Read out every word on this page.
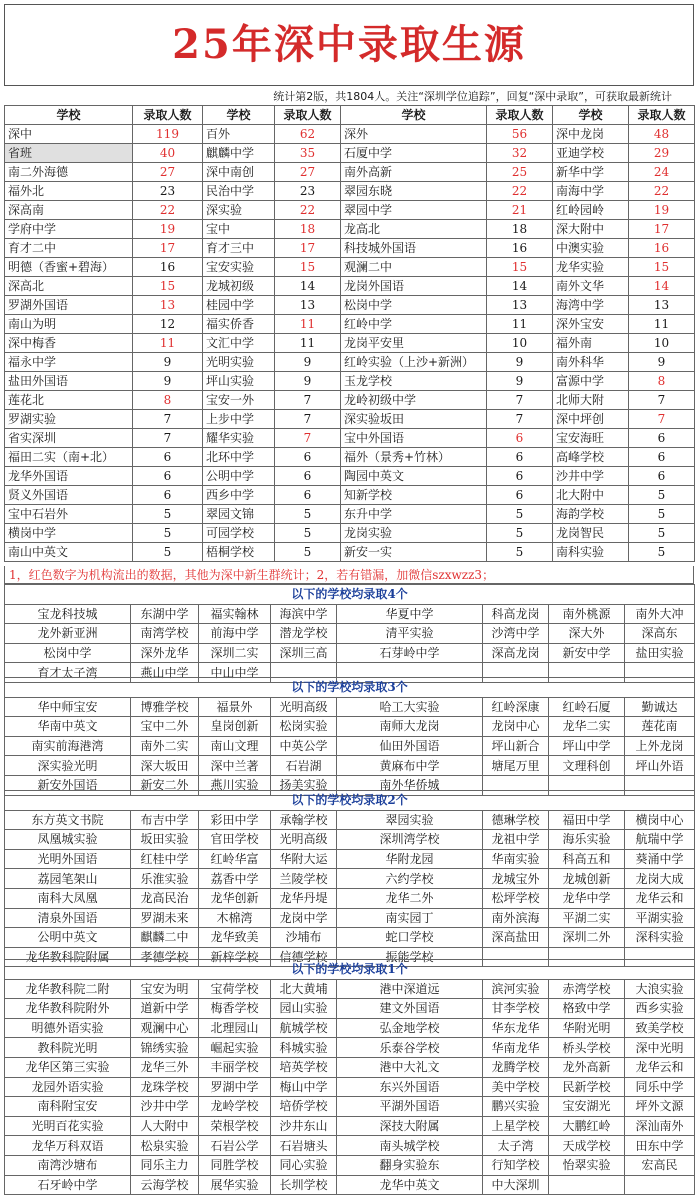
25年深中录取生源
统计第2版，共1804人。关注“深圳学位追踪”，回复“深中录取”，可获取最新统计
学校	录取人数	学校	录取人数	学校	录取人数	学校	录取人数
深中	119	百外	62	深外	56	深中龙岗	48
省班	40	麒麟中学	35	石厦中学	32	亚迪学校	29
南二外海德	27	深中南创	27	南外高新	25	新华中学	24
福外北	23	民治中学	23	翠园东晓	22	南海中学	22
深高南	22	深实验	22	翠园中学	21	红岭园岭	19
学府中学	19	宝中	18	龙高北	18	深大附中	17
育才二中	17	育才三中	17	科技城外国语	16	中澳实验	16
明德（香蜜+碧海）	16	宝安实验	15	观澜二中	15	龙华实验	15
深高北	15	龙城初级	14	龙岗外国语	14	南外文华	14
罗湖外国语	13	桂园中学	13	松岗中学	13	海湾中学	13
南山为明	12	福实侨香	11	红岭中学	11	深外宝安	11
深中梅香	11	文汇中学	11	龙岗平安里	10	福外南	10
福永中学	9	光明实验	9	红岭实验（上沙+新洲）	9	南外科华	9
盐田外国语	9	坪山实验	9	玉龙学校	9	富源中学	8
莲花北	8	宝安一外	7	龙岭初级中学	7	北师大附	7
罗湖实验	7	上步中学	7	深实验坂田	7	深中坪创	7
省实深圳	7	耀华实验	7	宝中外国语	6	宝安海旺	6
福田二实（南+北）	6	北环中学	6	福外（景秀+竹林）	6	高峰学校	6
龙华外国语	6	公明中学	6	陶园中英文	6	沙井中学	6
贤义外国语	6	西乡中学	6	知新学校	6	北大附中	5
宝中石岩外	5	翠园文锦	5	东升中学	5	海韵学校	5
横岗中学	5	可园学校	5	龙岗实验	5	龙岗智民	5
南山中英文	5	梧桐学校	5	新安一实	5	南科实验	5
1，红色数字为机构流出的数据，其他为深中新生群统计；2，若有错漏，加微信szxwzz3；
以下的学校均录取4个							
宝龙科技城	东湖中学	福实翰林	海滨中学	华夏中学	科高龙岗	南外桃源	南外大冲
龙外新亚洲	南湾学校	前海中学	潜龙学校	清平实验	沙湾中学	深大外	深高东
松岗中学	深外龙华	深圳二实	深圳三高	石芽岭中学	深高龙岗	新安中学	盐田实验
育才太子湾	燕山中学	中山中学					
以下的学校均录取3个							
华中师宝安	博雅学校	福景外	光明高级	哈工大实验	红岭深康	红岭石厦	勤诚达
华南中英文	宝中二外	皇岗创新	松岗实验	南师大龙岗	龙岗中心	龙华二实	莲花南
南实前海港湾	南外二实	南山文理	中英公学	仙田外国语	坪山新合	坪山中学	上外龙岗
深实验光明	深大坂田	深中兰著	石岩湖	黄麻布中学	塘尾万里	文理科创	坪山外语
新安外国语	新安二外	燕川实验	扬美实验	南外华侨城			
以下的学校均录取2个							
东方英文书院	布吉中学	彩田中学	承翰学校	翠园实验	德琳学校	福田中学	横岗中心
凤凰城实验	坂田实验	官田学校	光明高级	深圳湾学校	龙祖中学	海乐实验	航瑞中学
光明外国语	红桂中学	红岭华富	华附大运	华附龙园	华南实验	科高五和	葵涌中学
荔园笔架山	乐淮实验	荔香中学	兰陵学校	六约学校	龙城宝外	龙城创新	龙岗大成
南科大凤凰	龙高民治	龙华创新	龙华丹堤	龙华二外	松坪学校	龙华中学	龙华云和
清泉外国语	罗湖未来	木棉湾	龙岗中学	南实园丁	南外滨海	平湖二实	平湖实验
公明中英文	麒麟二中	龙华致美	沙埔布	蛇口学校	深高盐田	深圳二外	深科实验
龙华教科院附属	孝德学校	新梓学校	信德学校	振能学校			
以下的学校均录取1个							
龙华教科院二附	宝安为明	宝荷学校	北大黄埔	港中深道远	滨河实验	赤湾学校	大浪实验
龙华教科院附外	道新中学	梅香学校	园山实验	建文外国语	甘李学校	格致中学	西乡实验
明德外语实验	观澜中心	北理园山	航城学校	弘金地学校	华东龙华	华附光明	致美学校
教科院光明	锦绣实验	崛起实验	科城实验	乐泰谷学校	华南龙华	桥头学校	深中光明
龙华区第三实验	龙华三外	丰丽学校	培英学校	港中大礼文	龙腾学校	龙外高新	龙华云和
龙园外语实验	龙珠学校	罗湖中学	梅山中学	东兴外国语	美中学校	民新学校	同乐中学
南科附宝安	沙井中学	龙岭学校	培侨学校	平湖外国语	鹏兴实验	宝安湖光	坪外文源
光明百花实验	人大附中	荣根学校	沙井东山	深技大附属	上星学校	大鹏红岭	深汕南外
龙华万科双语	松泉实验	石岩公学	石岩塘头	南头城学校	太子湾	天成学校	田东中学
南湾沙塘布	同乐主力	同胜学校	同心实验	翻身实验东	行知学校	怡翠实验	宏高民
石牙岭中学	云海学校	展华实验	长圳学校	龙华中英文	中大深圳		
